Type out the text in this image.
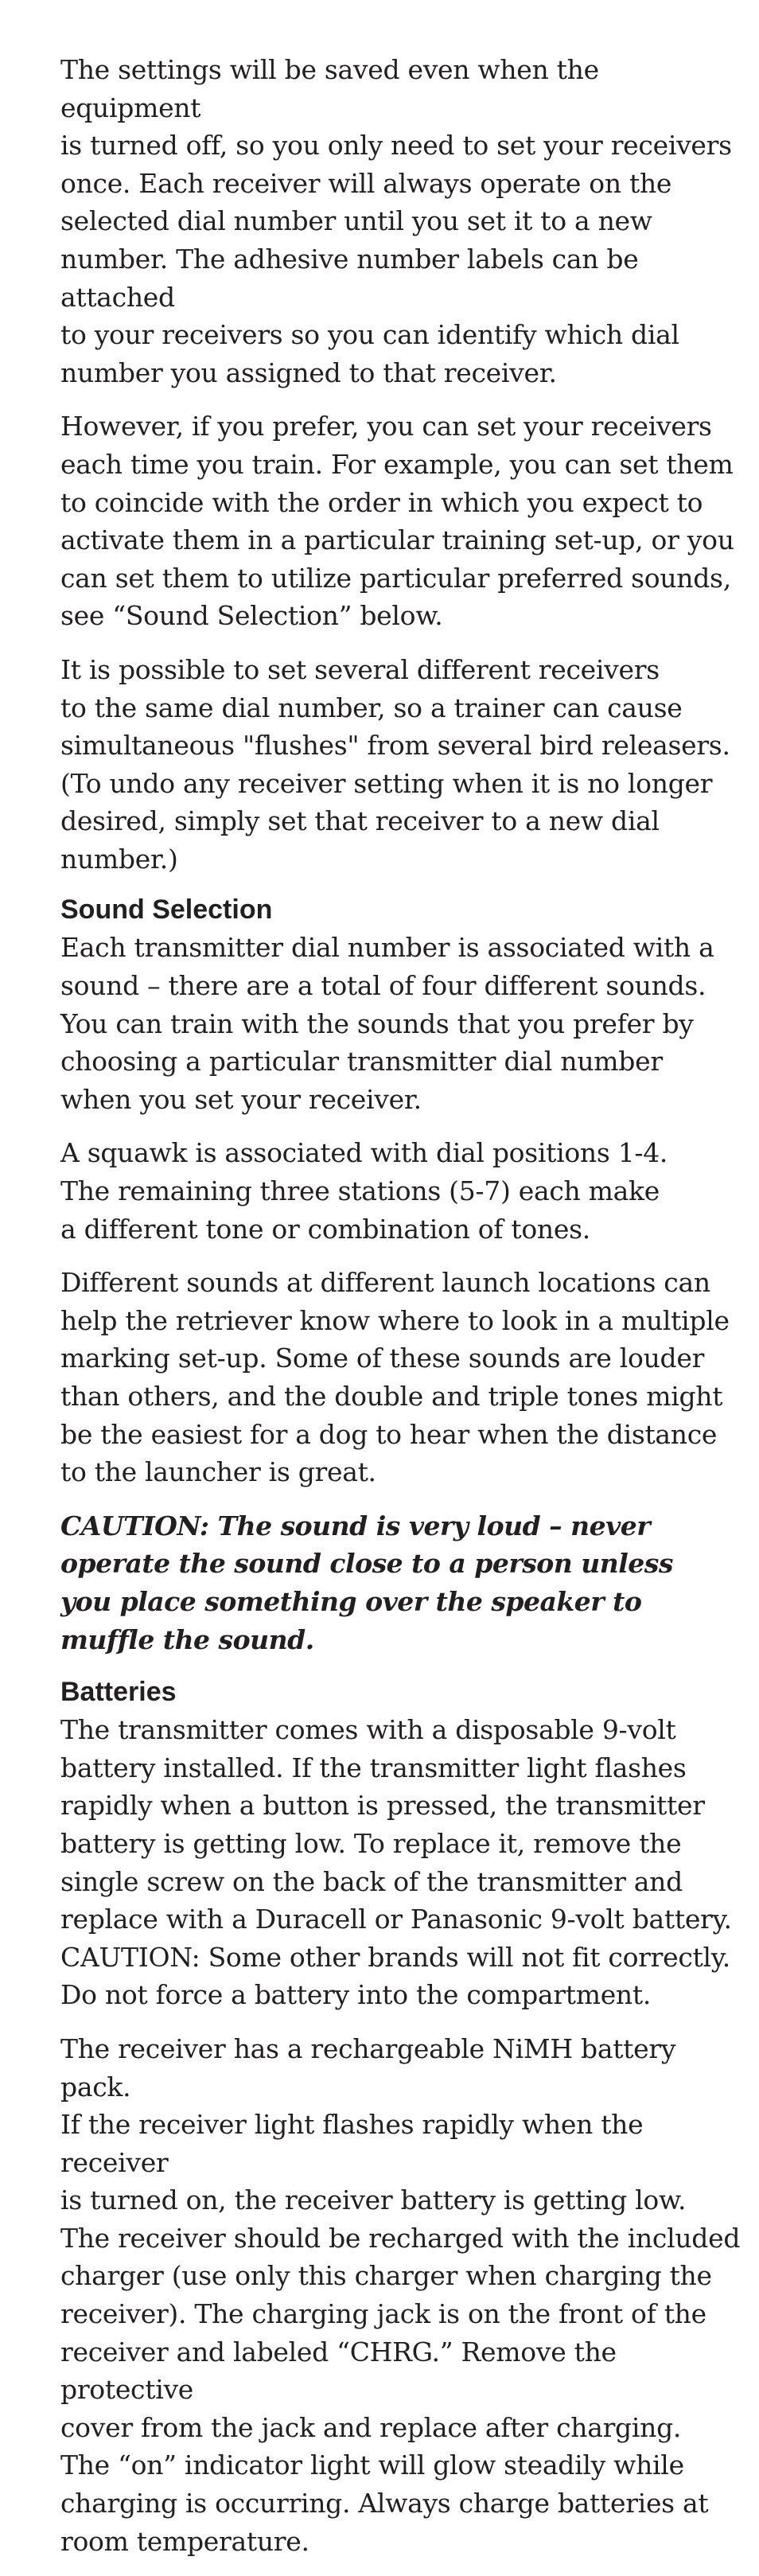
The settings will be saved even when the equipment
is turned off, so you only need to set your receivers
once. Each receiver will always operate on the
selected dial number until you set it to a new
number. The adhesive number labels can be attached
to your receivers so you can identify which dial
number you assigned to that receiver.

However, if you prefer, you can set your receivers
each time you train. For example, you can set them
to coincide with the order in which you expect to
activate them in a particular training set-up, or you
can set them to utilize particular preferred sounds,
see “Sound Selection” below.

It is possible to set several different receivers
to the same dial number, so a trainer can cause
simultaneous "flushes" from several bird releasers.
(To undo any receiver setting when it is no longer
desired, simply set that receiver to a new dial
number.)

Sound Selection

Each transmitter dial number is associated with a
sound – there are a total of four different sounds.
You can train with the sounds that you prefer by
choosing a particular transmitter dial number
when you set your receiver.

A squawk is associated with dial positions 1-4.
The remaining three stations (5-7) each make
a different tone or combination of tones.

Different sounds at different launch locations can
help the retriever know where to look in a multiple
marking set-up. Some of these sounds are louder
than others, and the double and triple tones might
be the easiest for a dog to hear when the distance
to the launcher is great.

CAUTION: The sound is very loud – never
operate the sound close to a person unless
you place something over the speaker to
muffle the sound.

Batteries

The transmitter comes with a disposable 9-volt
battery installed. If the transmitter light flashes
rapidly when a button is pressed, the transmitter
battery is getting low. To replace it, remove the
single screw on the back of the transmitter and
replace with a Duracell or Panasonic 9-volt battery.
CAUTION: Some other brands will not fit correctly.
Do not force a battery into the compartment.

The receiver has a rechargeable NiMH battery pack.
If the receiver light flashes rapidly when the receiver
is turned on, the receiver battery is getting low.
The receiver should be recharged with the included
charger (use only this charger when charging the
receiver). The charging jack is on the front of the
receiver and labeled “CHRG.” Remove the protective
cover from the jack and replace after charging.
The “on” indicator light will glow steadily while
charging is occurring. Always charge batteries at
room temperature.
